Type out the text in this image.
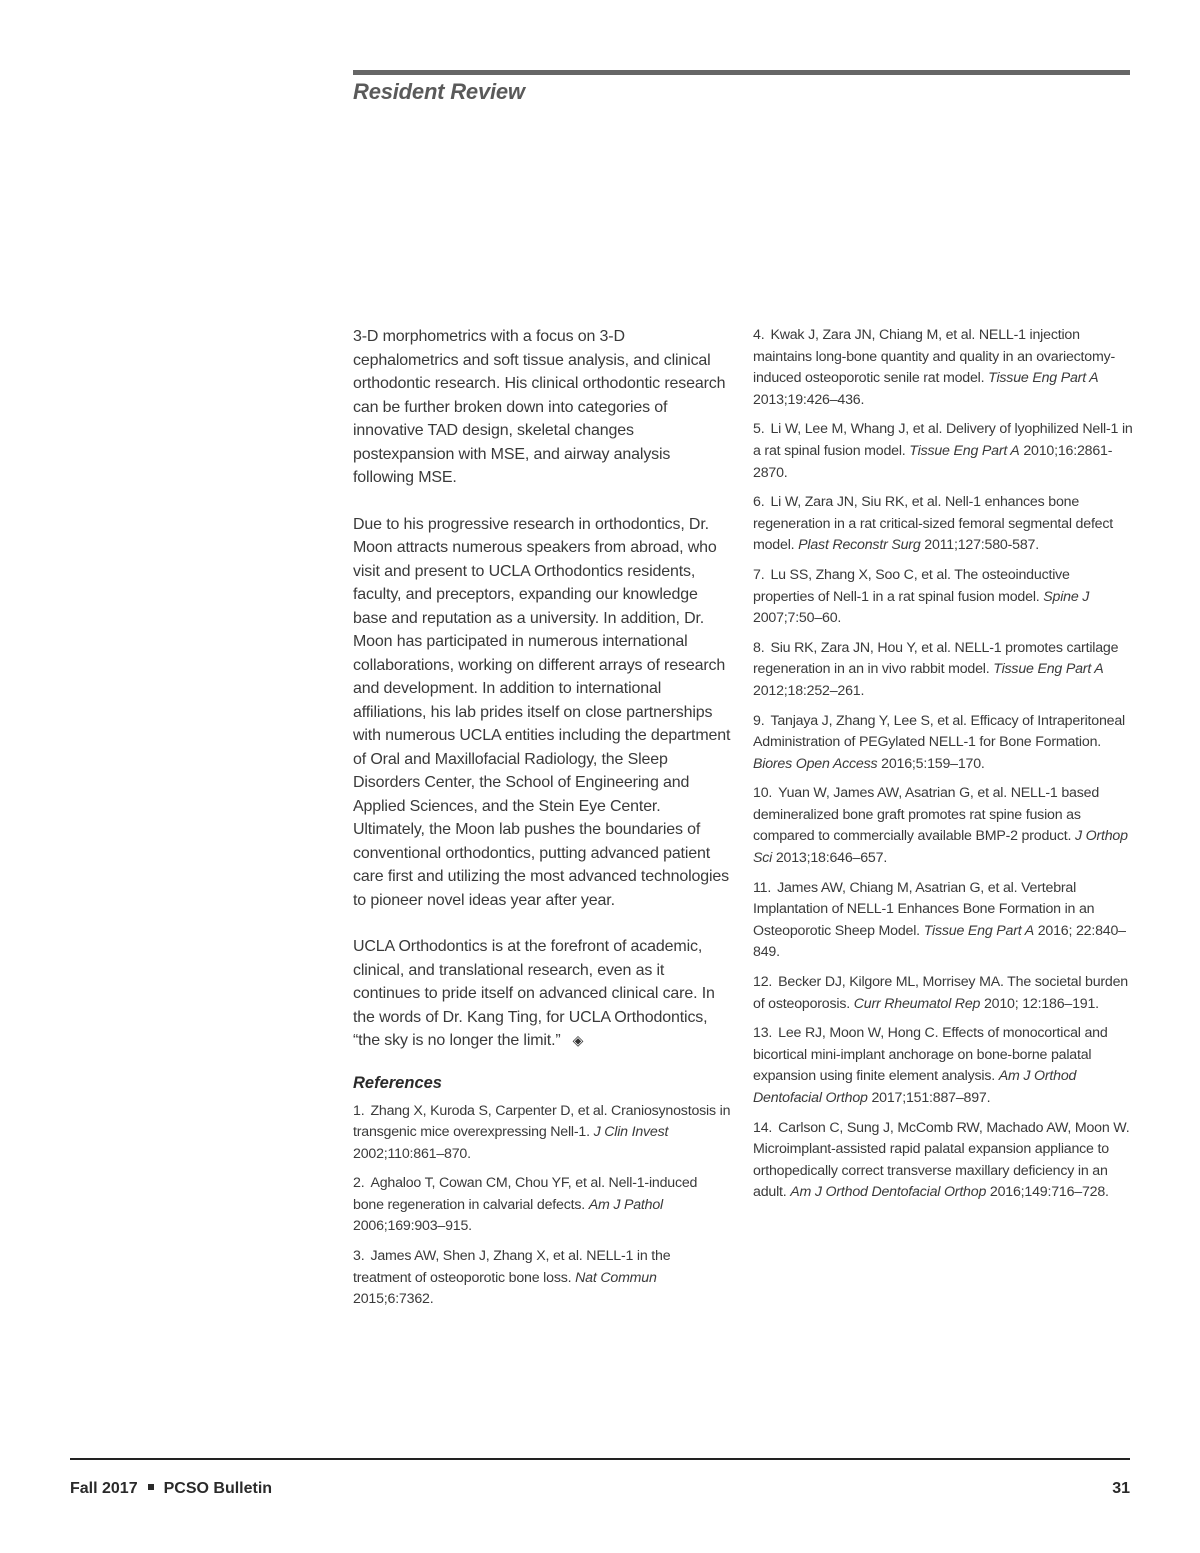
Resident Review

3-D morphometrics with a focus on 3-D cephalometrics and soft tissue analysis, and clinical orthodontic research. His clinical orthodontic research can be further broken down into categories of innovative TAD design, skeletal changes postexpansion with MSE, and airway analysis following MSE.

Due to his progressive research in orthodontics, Dr. Moon attracts numerous speakers from abroad, who visit and present to UCLA Orthodontics residents, faculty, and preceptors, expanding our knowledge base and reputation as a university. In addition, Dr. Moon has participated in numerous international collaborations, working on different arrays of research and development. In addition to international affiliations, his lab prides itself on close partnerships with numerous UCLA entities including the department of Oral and Maxillofacial Radiology, the Sleep Disorders Center, the School of Engineering and Applied Sciences, and the Stein Eye Center. Ultimately, the Moon lab pushes the boundaries of conventional orthodontics, putting advanced patient care first and utilizing the most advanced technologies to pioneer novel ideas year after year.

UCLA Orthodontics is at the forefront of academic, clinical, and translational research, even as it continues to pride itself on advanced clinical care. In the words of Dr. Kang Ting, for UCLA Orthodontics, “the sky is no longer the limit.” ◈

References

1. Zhang X, Kuroda S, Carpenter D, et al. Craniosynostosis in transgenic mice overexpressing Nell-1. J Clin Invest 2002;110:861–870.

2. Aghaloo T, Cowan CM, Chou YF, et al. Nell-1-induced bone regeneration in calvarial defects. Am J Pathol 2006;169:903–915.

3. James AW, Shen J, Zhang X, et al. NELL-1 in the treatment of osteoporotic bone loss. Nat Commun 2015;6:7362.

4. Kwak J, Zara JN, Chiang M, et al. NELL-1 injection maintains long-bone quantity and quality in an ovariectomy-induced osteoporotic senile rat model. Tissue Eng Part A 2013;19:426–436.

5. Li W, Lee M, Whang J, et al. Delivery of lyophilized Nell-1 in a rat spinal fusion model. Tissue Eng Part A 2010;16:2861-2870.

6. Li W, Zara JN, Siu RK, et al. Nell-1 enhances bone regeneration in a rat critical-sized femoral segmental defect model. Plast Reconstr Surg 2011;127:580-587.

7. Lu SS, Zhang X, Soo C, et al. The osteoinductive properties of Nell-1 in a rat spinal fusion model. Spine J 2007;7:50–60.

8. Siu RK, Zara JN, Hou Y, et al. NELL-1 promotes cartilage regeneration in an in vivo rabbit model. Tissue Eng Part A 2012;18:252–261.

9. Tanjaya J, Zhang Y, Lee S, et al. Efficacy of Intraperitoneal Administration of PEGylated NELL-1 for Bone Formation. Biores Open Access 2016;5:159–170.

10. Yuan W, James AW, Asatrian G, et al. NELL-1 based demineralized bone graft promotes rat spine fusion as compared to commercially available BMP-2 product. J Orthop Sci 2013;18:646–657.

11. James AW, Chiang M, Asatrian G, et al. Vertebral Implantation of NELL-1 Enhances Bone Formation in an Osteoporotic Sheep Model. Tissue Eng Part A 2016; 22:840–849.

12. Becker DJ, Kilgore ML, Morrisey MA. The societal burden of osteoporosis. Curr Rheumatol Rep 2010; 12:186–191.

13. Lee RJ, Moon W, Hong C. Effects of monocortical and bicortical mini-implant anchorage on bone-borne palatal expansion using finite element analysis. Am J Orthod Dentofacial Orthop 2017;151:887–897.

14. Carlson C, Sung J, McComb RW, Machado AW, Moon W. Microimplant-assisted rapid palatal expansion appliance to orthopedically correct transverse maxillary deficiency in an adult. Am J Orthod Dentofacial Orthop 2016;149:716–728.

Fall 2017 PCSO Bulletin	31
